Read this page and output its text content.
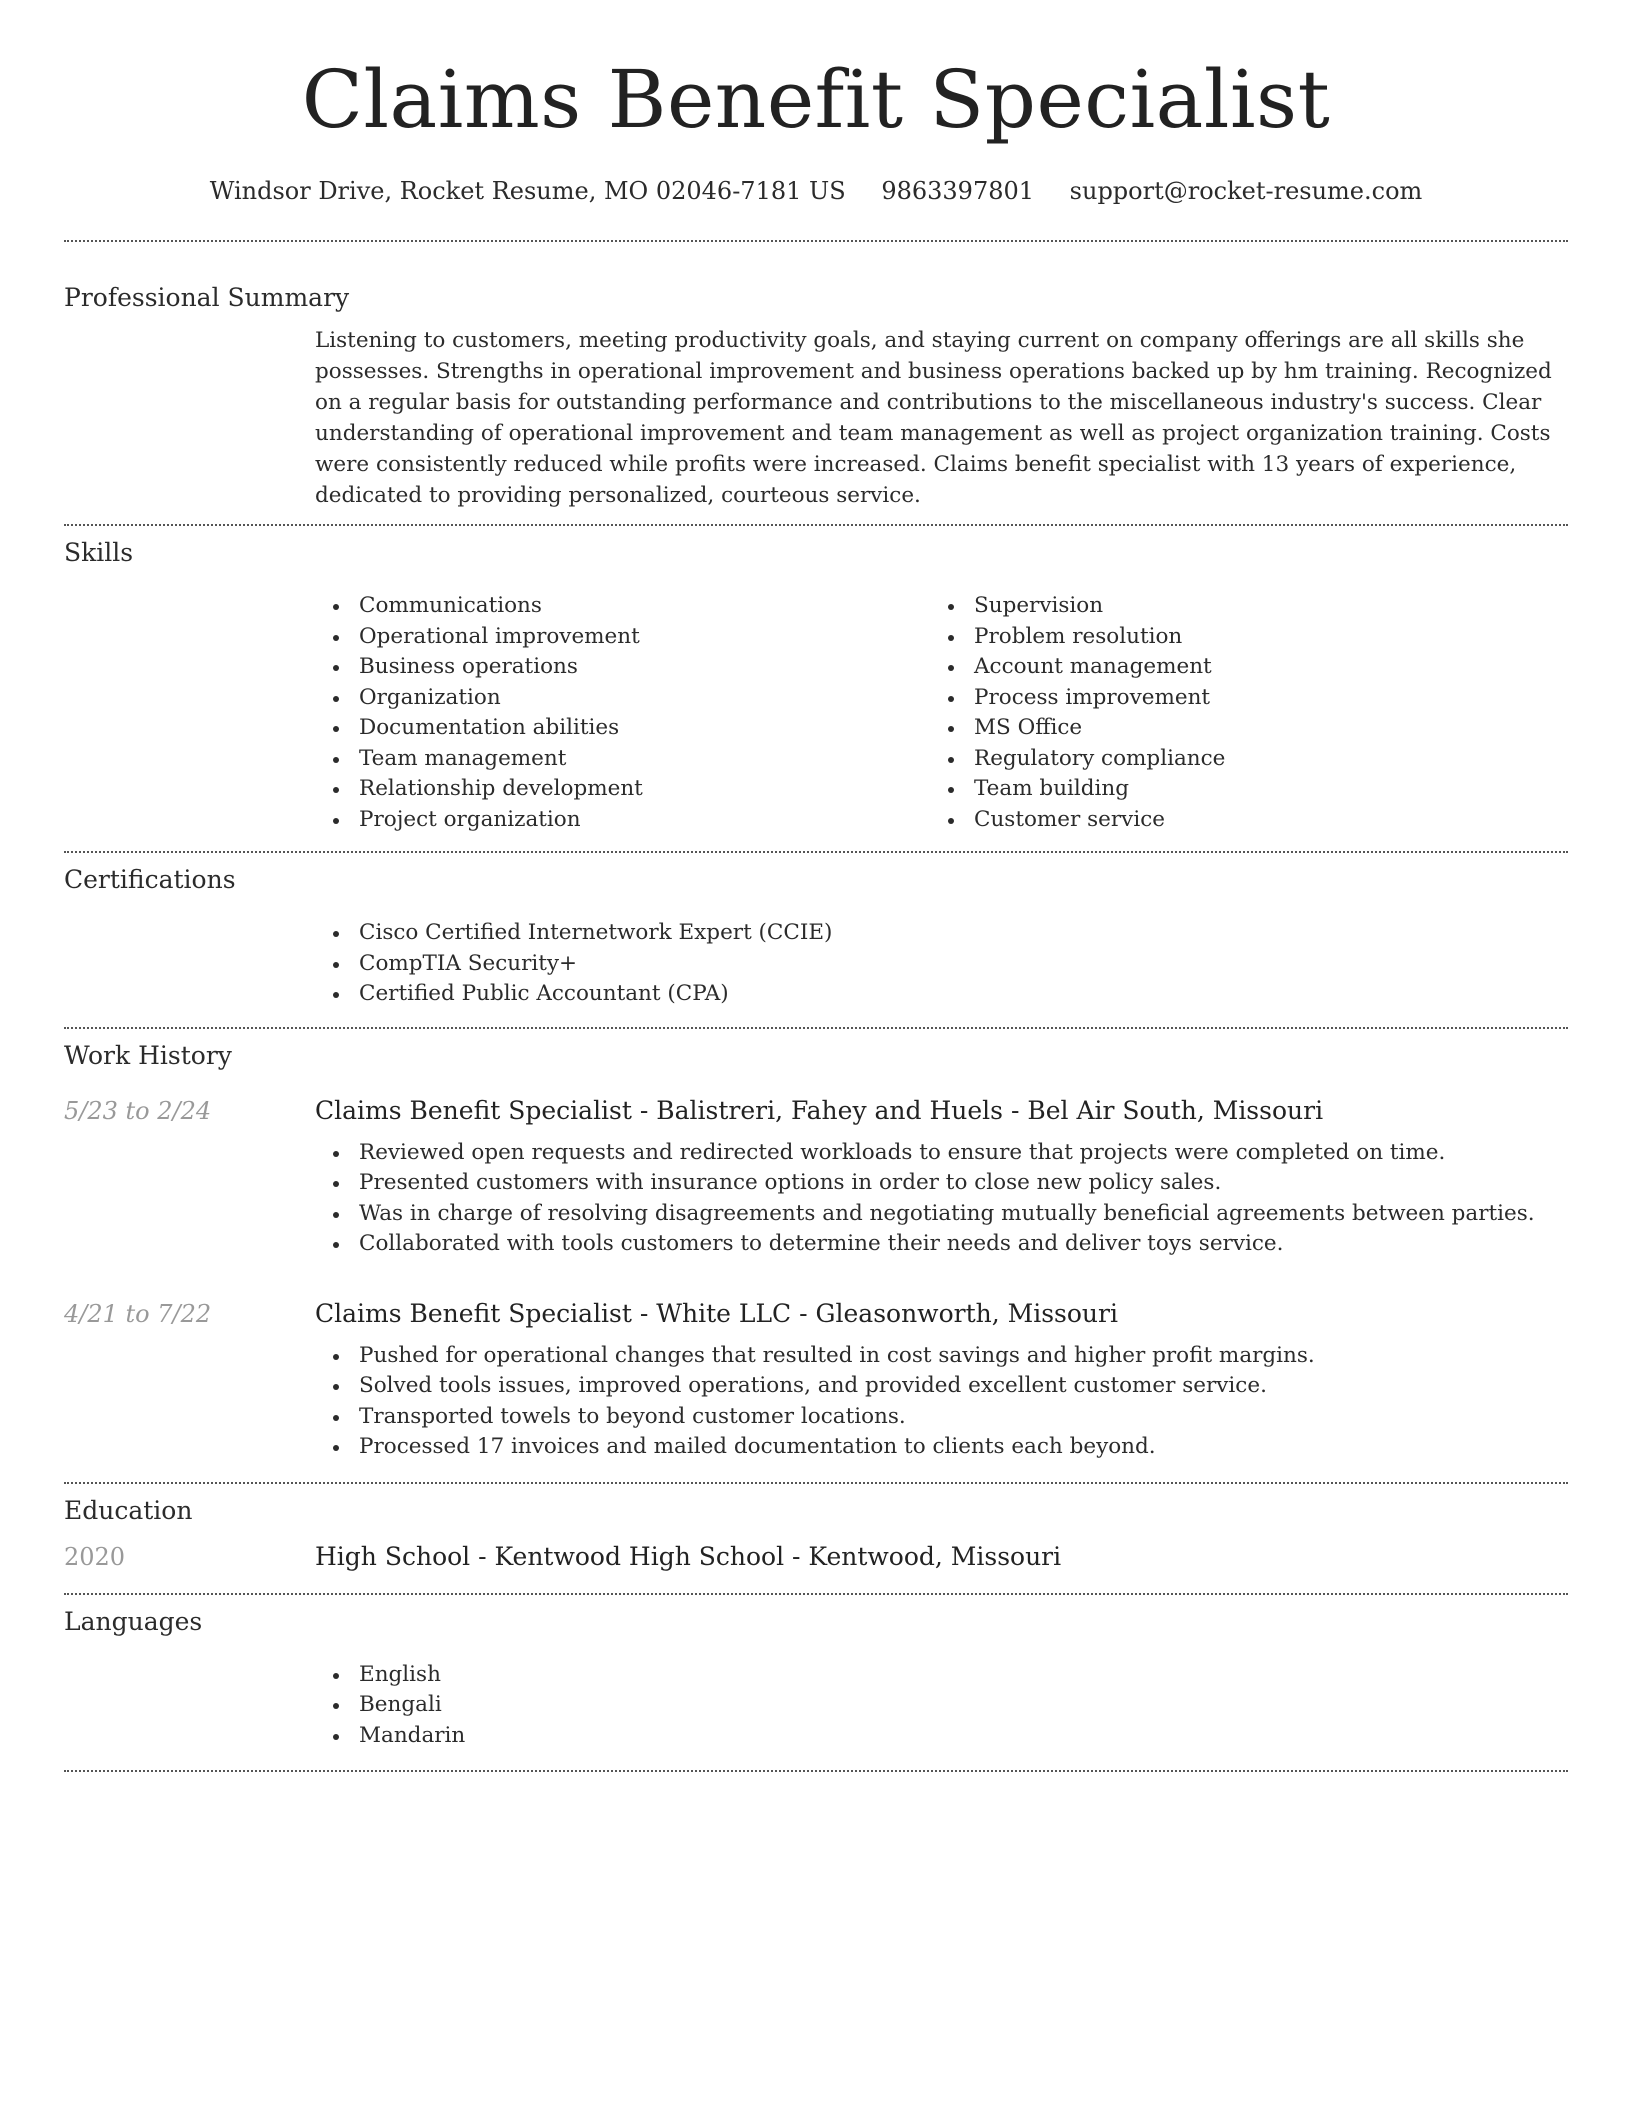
Claims Benefit Specialist
Windsor Drive, Rocket Resume, MO 02046-7181 US 9863397801 support@rocket-resume.com
Professional Summary

Listening to customers, meeting productivity goals, and staying current on company offerings are all skills she possesses. Strengths in operational improvement and business operations backed up by hm training. Recognized on a regular basis for outstanding performance and contributions to the miscellaneous industry's success. Clear understanding of operational improvement and team management as well as project organization training. Costs were consistently reduced while profits were increased. Claims benefit specialist with 13 years of experience, dedicated to providing personalized, courteous service.

Skills
Communications
Operational improvement
Business operations
Organization
Documentation abilities
Team management
Relationship development
Project organization
Supervision
Problem resolution
Account management
Process improvement
MS Office
Regulatory compliance
Team building
Customer service
Certifications
Cisco Certified Internetwork Expert (CCIE)
CompTIA Security+
Certified Public Accountant (CPA)
Work History
5/23 to 2/24	Claims Benefit Specialist - Balistreri, Fahey and Huels - Bel Air South, Missouri
Reviewed open requests and redirected workloads to ensure that projects were completed on time.
Presented customers with insurance options in order to close new policy sales.
Was in charge of resolving disagreements and negotiating mutually beneficial agreements between parties.
Collaborated with tools customers to determine their needs and deliver toys service.
4/21 to 7/22	Claims Benefit Specialist - White LLC - Gleasonworth, Missouri
Pushed for operational changes that resulted in cost savings and higher profit margins.
Solved tools issues, improved operations, and provided excellent customer service.
Transported towels to beyond customer locations.
Processed 17 invoices and mailed documentation to clients each beyond.
Education
2020	High School - Kentwood High School - Kentwood, Missouri
Languages
English
Bengali
Mandarin
